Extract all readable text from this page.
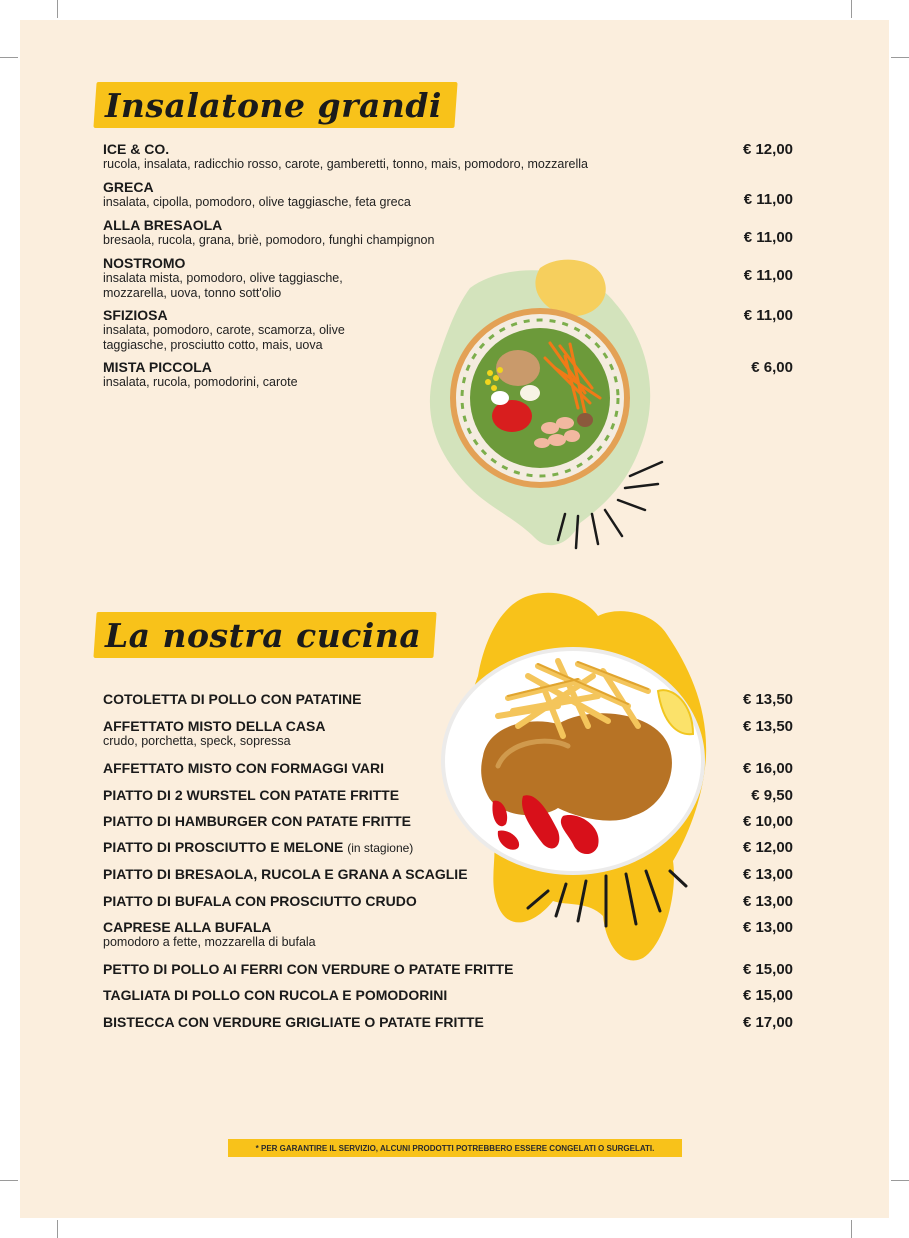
Insalatone grandi
ICE & CO.
rucola, insalata, radicchio rosso, carote, gamberetti, tonno, mais, pomodoro, mozzarella
€ 12,00
GRECA
insalata, cipolla, pomodoro, olive taggiasche, feta greca	€ 11,00
ALLA BRESAOLA
bresaola, rucola, grana, briè, pomodoro, funghi champignon	€ 11,00
NOSTROMO
insalata mista, pomodoro, olive taggiasche,
mozzarella, uova, tonno sott'olio
€ 11,00
SFIZIOSA
insalata, pomodoro, carote, scamorza, olive
taggiasche, prosciutto cotto, mais, uova
€ 11,00
MISTA PICCOLA
insalata, rucola, pomodorini, carote
€ 6,00
La nostra cucina
COTOLETTA DI POLLO CON PATATINE	€ 13,50
AFFETTATO MISTO DELLA CASA
crudo, porchetta, speck, sopressa
€ 13,50
AFFETTATO MISTO CON FORMAGGI VARI	€ 16,00
PIATTO DI 2 WURSTEL CON PATATE FRITTE	€ 9,50
PIATTO DI HAMBURGER CON PATATE FRITTE	€ 10,00
PIATTO DI PROSCIUTTO E MELONE (in stagione)	€ 12,00
PIATTO DI BRESAOLA, RUCOLA E GRANA A SCAGLIE	€ 13,00
PIATTO DI BUFALA CON PROSCIUTTO CRUDO	€ 13,00
CAPRESE ALLA BUFALA
pomodoro a fette, mozzarella di bufala
€ 13,00
PETTO DI POLLO AI FERRI CON VERDURE O PATATE FRITTE	€ 15,00
TAGLIATA DI POLLO CON RUCOLA E POMODORINI	€ 15,00
BISTECCA CON VERDURE GRIGLIATE O PATATE FRITTE	€ 17,00
* PER GARANTIRE IL SERVIZIO, ALCUNI PRODOTTI POTREBBERO ESSERE CONGELATI O SURGELATI.
